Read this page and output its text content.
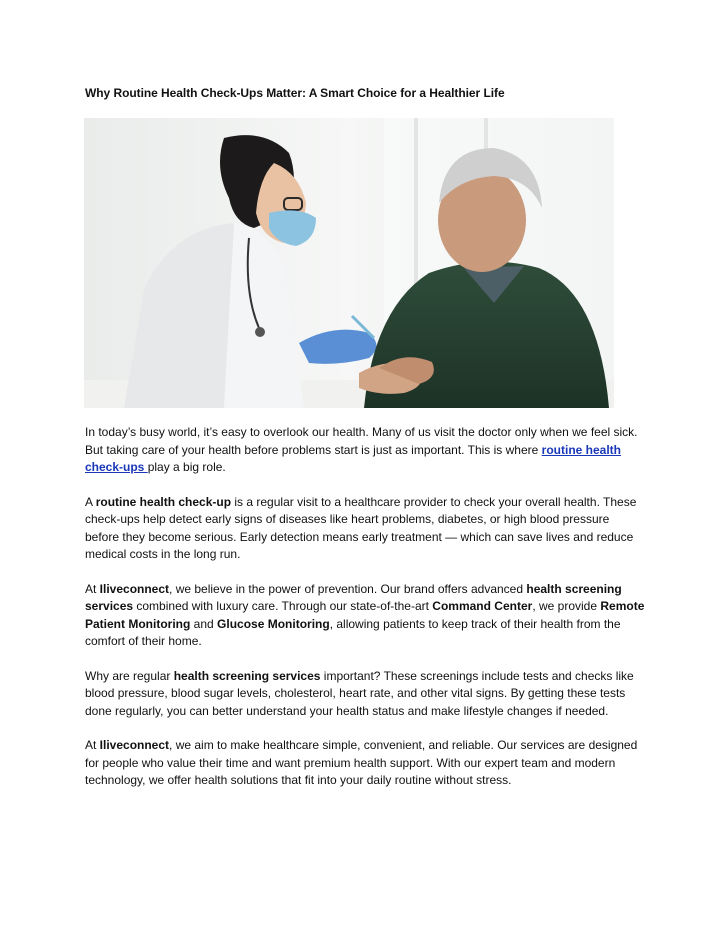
Why Routine Health Check-Ups Matter: A Smart Choice for a Healthier Life

In today’s busy world, it’s easy to overlook our health. Many of us visit the doctor only when we feel sick. But taking care of your health before problems start is just as important. This is where routine health check-ups play a big role.

A routine health check-up is a regular visit to a healthcare provider to check your overall health. These check-ups help detect early signs of diseases like heart problems, diabetes, or high blood pressure before they become serious. Early detection means early treatment — which can save lives and reduce medical costs in the long run.

At Iliveconnect, we believe in the power of prevention. Our brand offers advanced health screening services combined with luxury care. Through our state-of-the-art Command Center, we provide Remote Patient Monitoring and Glucose Monitoring, allowing patients to keep track of their health from the comfort of their home.

Why are regular health screening services important? These screenings include tests and checks like blood pressure, blood sugar levels, cholesterol, heart rate, and other vital signs. By getting these tests done regularly, you can better understand your health status and make lifestyle changes if needed.

At Iliveconnect, we aim to make healthcare simple, convenient, and reliable. Our services are designed for people who value their time and want premium health support. With our expert team and modern technology, we offer health solutions that fit into your daily routine without stress.
